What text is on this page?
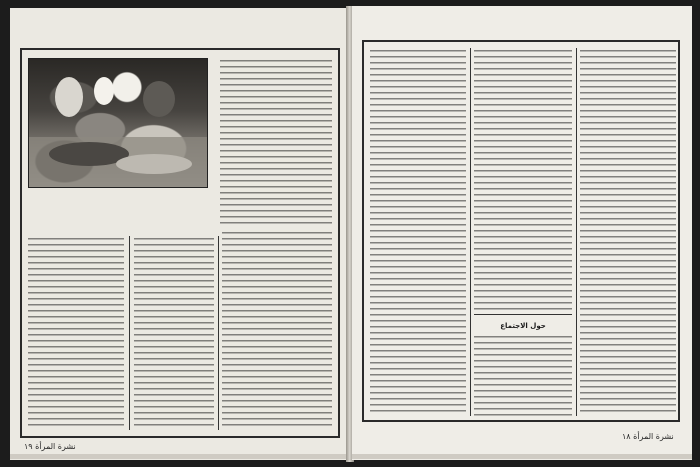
نشرة المرأة ١٩
حول الاجتماع
نشرة المرأة ١٨
